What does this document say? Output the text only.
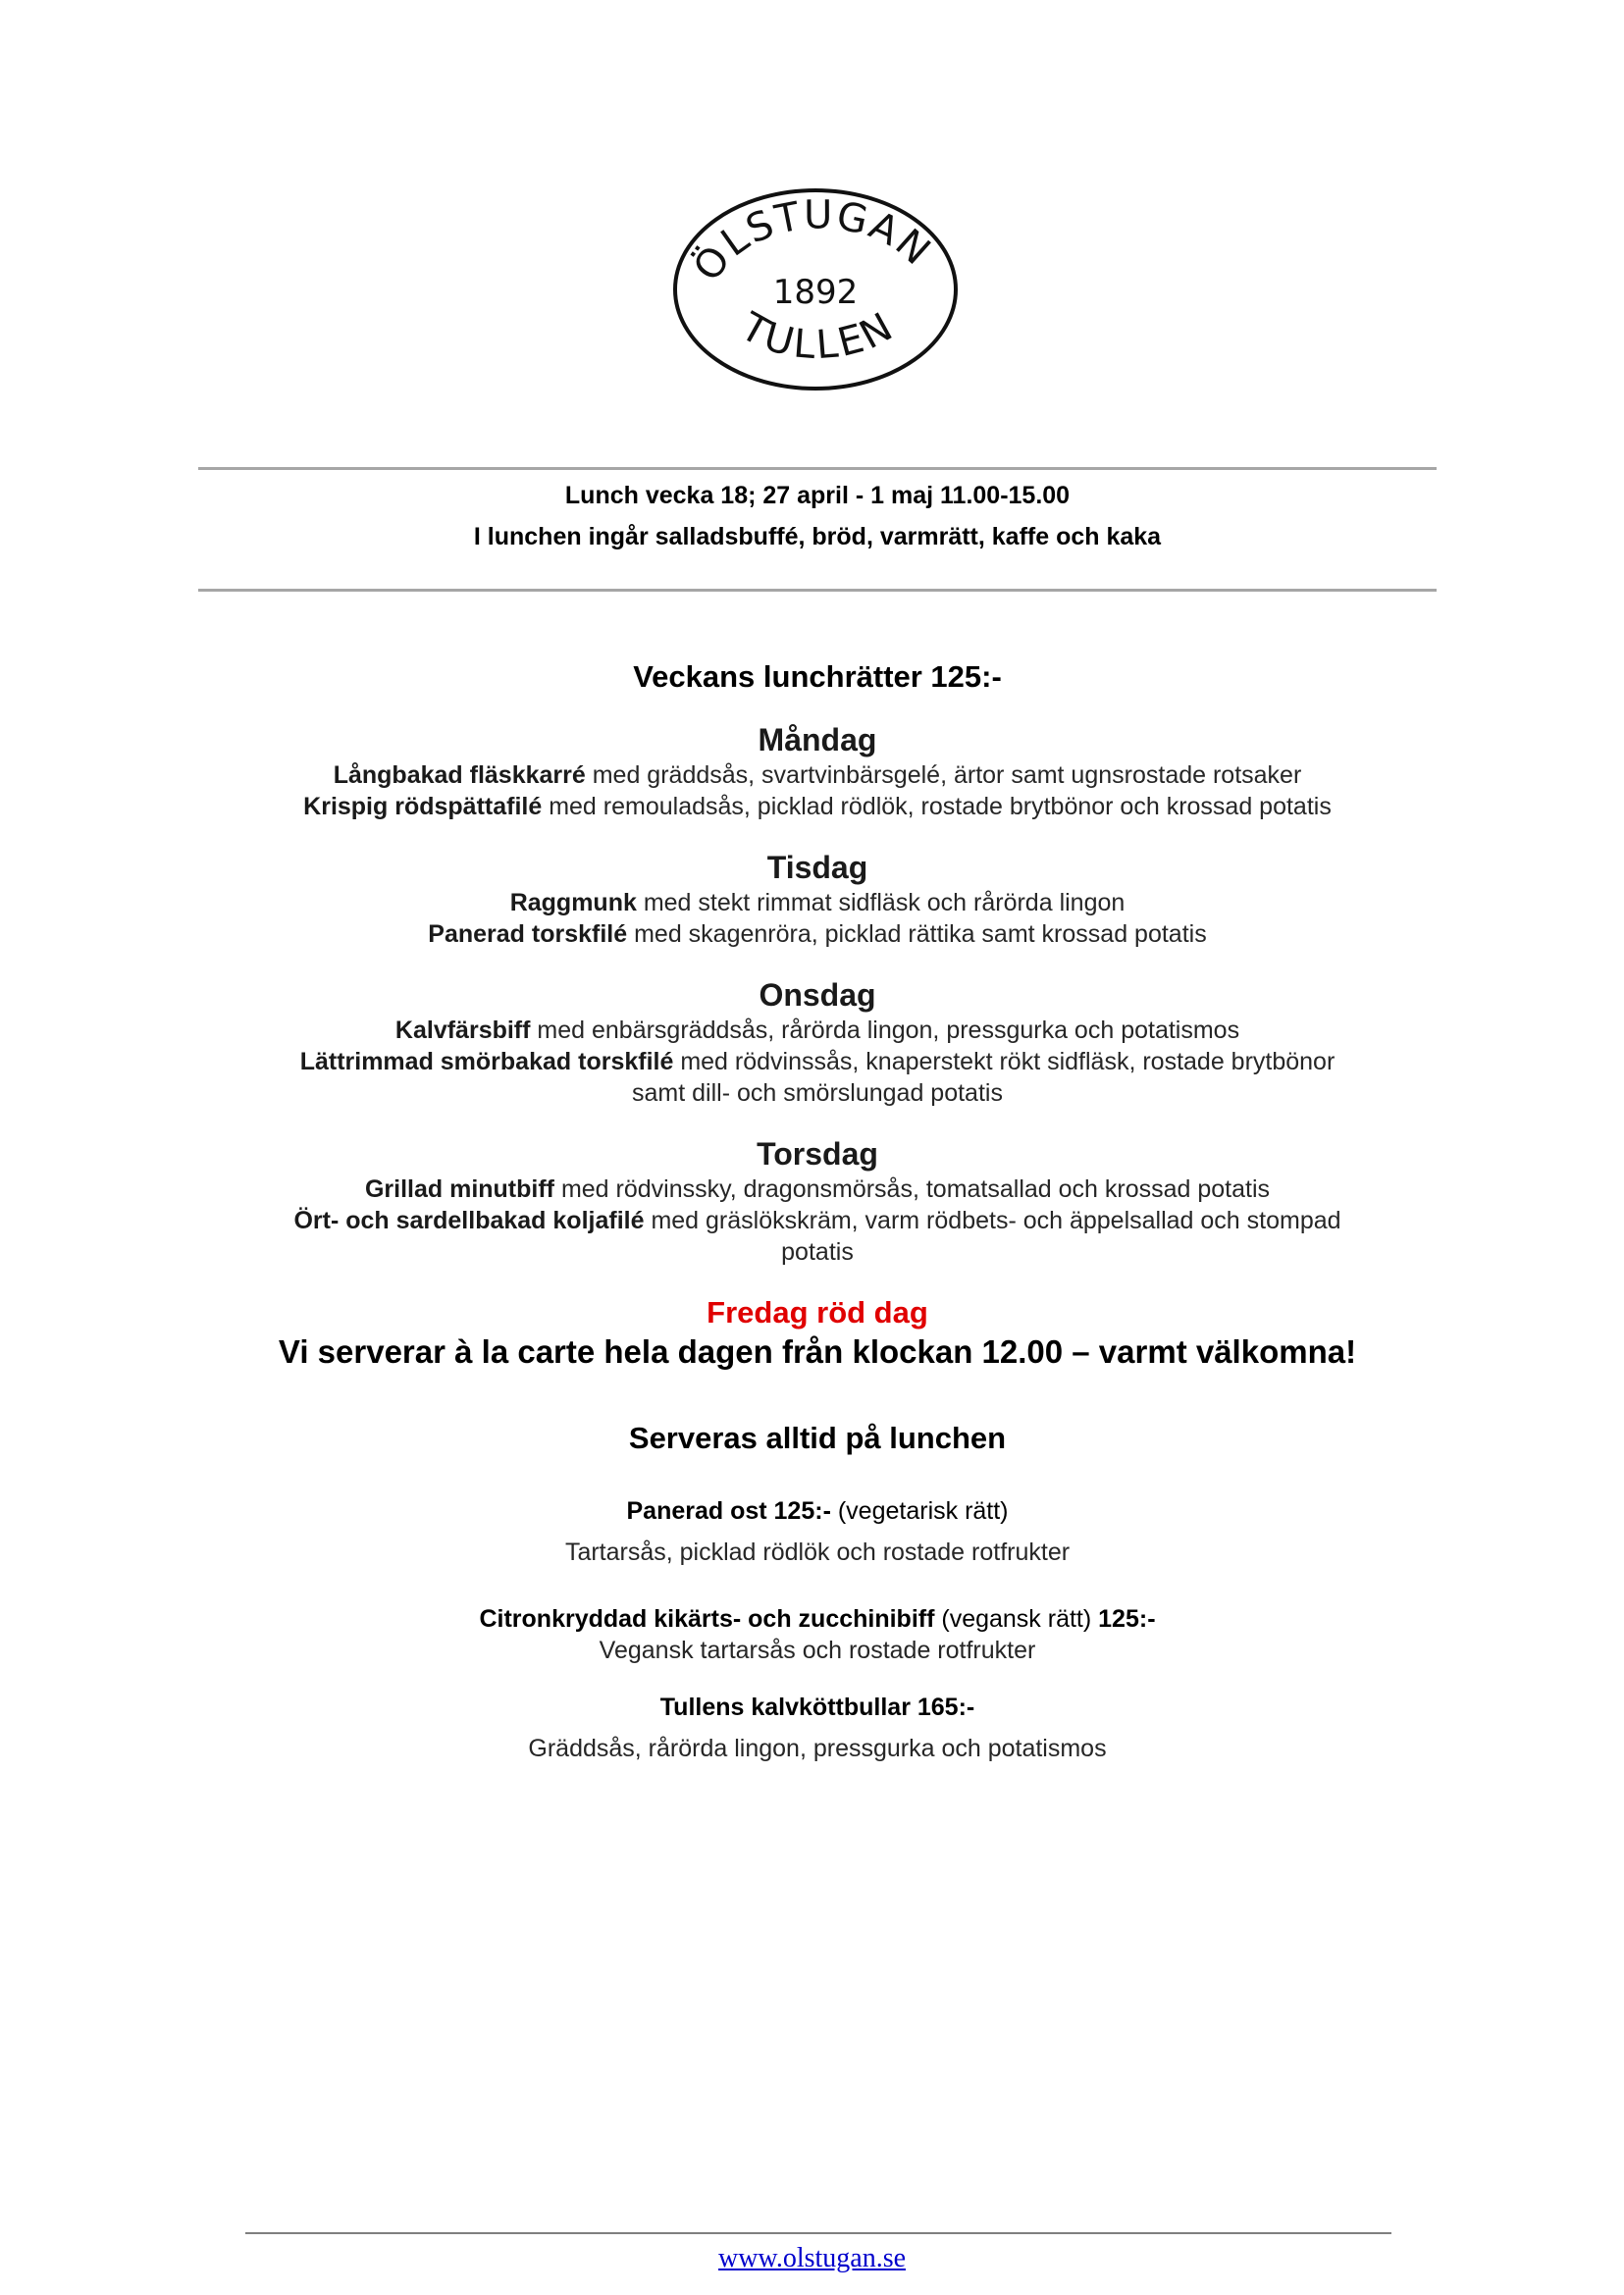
ÖLSTUGAN
1892
TULLEN
Lunch vecka 18; 27 april - 1 maj 11.00-15.00
I lunchen ingår salladsbuffé, bröd, varmrätt, kaffe och kaka
Veckans lunchrätter 125:-
Måndag
Långbakad fläskkarré med gräddsås, svartvinbärsgelé, ärtor samt ugnsrostade rotsaker
Krispig rödspättafilé med remouladsås, picklad rödlök, rostade brytbönor och krossad potatis
Tisdag
Raggmunk med stekt rimmat sidfläsk och rårörda lingon
Panerad torskfilé med skagenröra, picklad rättika samt krossad potatis
Onsdag
Kalvfärsbiff med enbärsgräddsås, rårörda lingon, pressgurka och potatismos
Lättrimmad smörbakad torskfilé med rödvinssås, knaperstekt rökt sidfläsk, rostade brytbönor
samt dill- och smörslungad potatis
Torsdag
Grillad minutbiff med rödvinssky, dragonsmörsås, tomatsallad och krossad potatis
Ört- och sardellbakad koljafilé med gräslökskräm, varm rödbets- och äppelsallad och stompad
potatis
Fredag röd dag
Vi serverar à la carte hela dagen från klockan 12.00 – varmt välkomna!
Serveras alltid på lunchen
Panerad ost 125:- (vegetarisk rätt)
Tartarsås, picklad rödlök och rostade rotfrukter
Citronkryddad kikärts- och zucchinibiff (vegansk rätt) 125:-
Vegansk tartarsås och rostade rotfrukter
Tullens kalvköttbullar 165:-
Gräddsås, rårörda lingon, pressgurka och potatismos
www.olstugan.se
